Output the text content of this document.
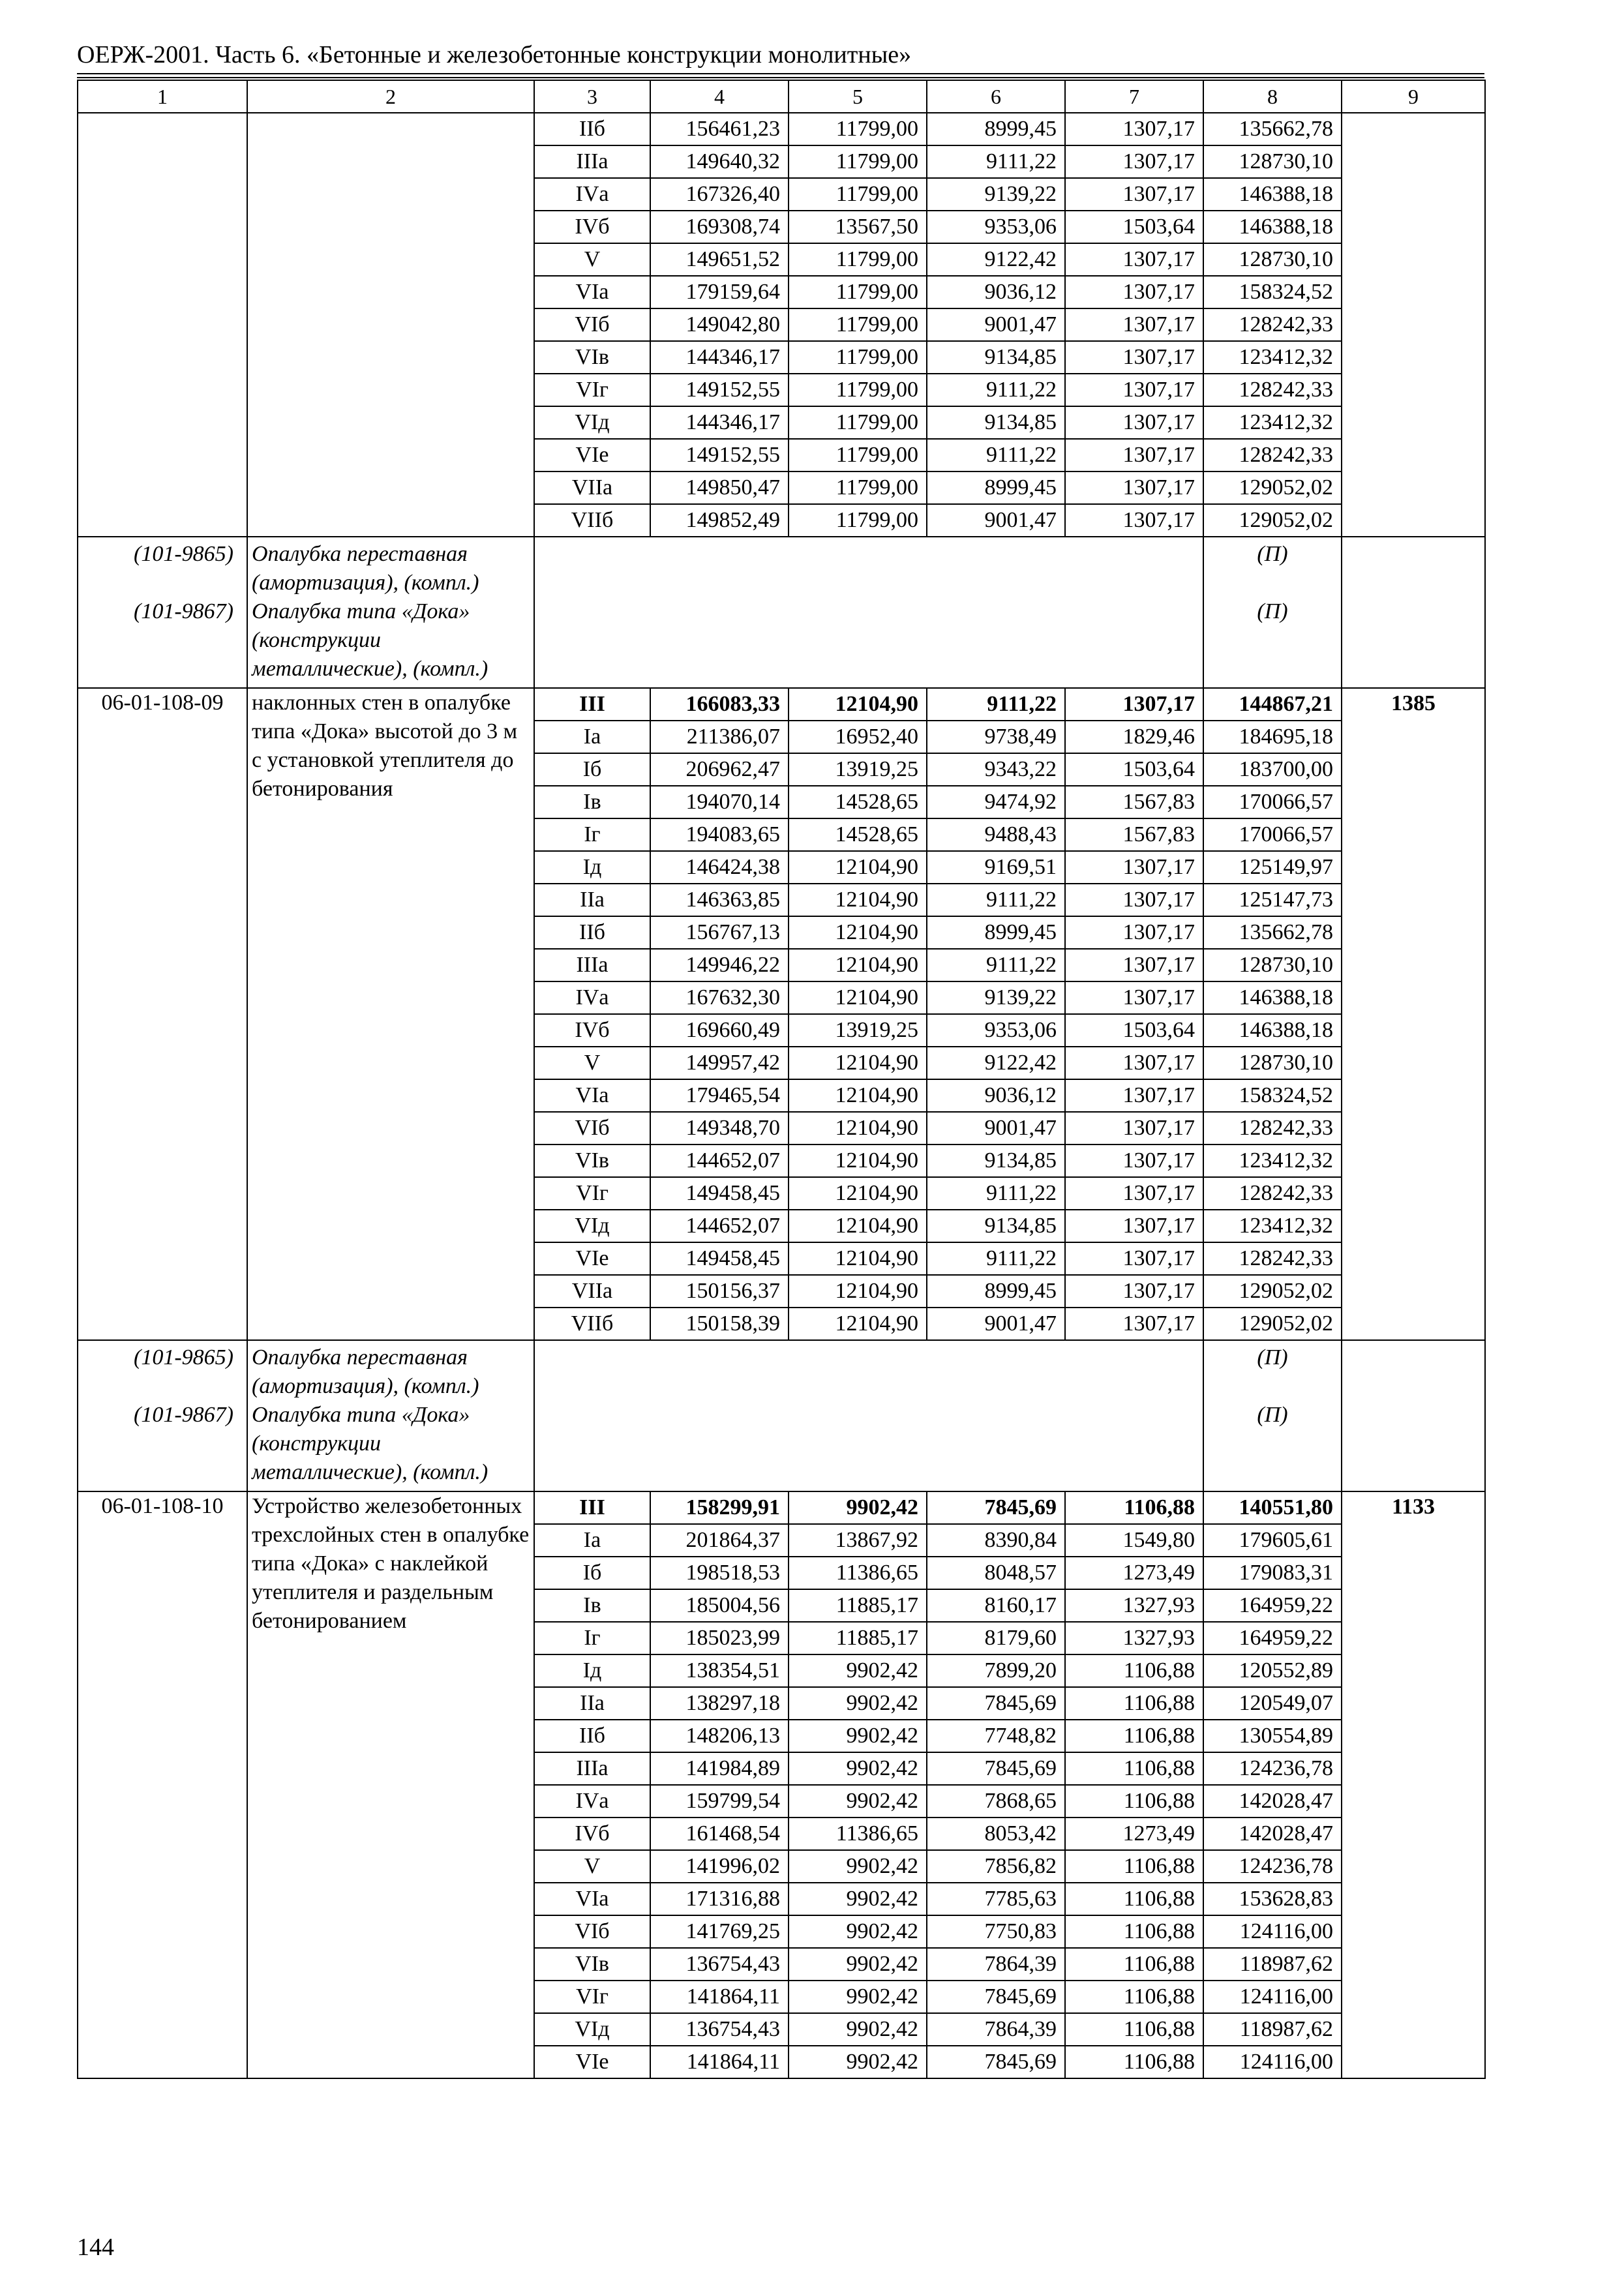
ОЕРЖ-2001. Часть 6. «Бетонные и железобетонные конструкции монолитные»
1	2	3	4	5	6	7	8	9
		IIб	156461,23	11799,00	8999,45	1307,17	135662,78	
		IIIа	149640,32	11799,00	9111,22	1307,17	128730,10	
		IVа	167326,40	11799,00	9139,22	1307,17	146388,18	
		IVб	169308,74	13567,50	9353,06	1503,64	146388,18	
		V	149651,52	11799,00	9122,42	1307,17	128730,10	
		VIа	179159,64	11799,00	9036,12	1307,17	158324,52	
		VIб	149042,80	11799,00	9001,47	1307,17	128242,33	
		VIв	144346,17	11799,00	9134,85	1307,17	123412,32	
		VIг	149152,55	11799,00	9111,22	1307,17	128242,33	
		VIд	144346,17	11799,00	9134,85	1307,17	123412,32	
		VIе	149152,55	11799,00	9111,22	1307,17	128242,33	
		VIIа	149850,47	11799,00	8999,45	1307,17	129052,02	
		VIIб	149852,49	11799,00	9001,47	1307,17	129052,02	
(101-9865)	Опалубка переставная (амортизация), (компл.)						(П)	
(101-9867)	Опалубка типа «Дока» (конструкции металлические), (компл.)						(П)	
06-01-108-09	наклонных стен в опалубке типа «Дока» высотой до 3 м с установкой утеплителя до бетонирования	III	166083,33	12104,90	9111,22	1307,17	144867,21	1385
		Iа	211386,07	16952,40	9738,49	1829,46	184695,18	
		Iб	206962,47	13919,25	9343,22	1503,64	183700,00	
		Iв	194070,14	14528,65	9474,92	1567,83	170066,57	
		Iг	194083,65	14528,65	9488,43	1567,83	170066,57	
		Iд	146424,38	12104,90	9169,51	1307,17	125149,97	
		IIа	146363,85	12104,90	9111,22	1307,17	125147,73	
		IIб	156767,13	12104,90	8999,45	1307,17	135662,78	
		IIIа	149946,22	12104,90	9111,22	1307,17	128730,10	
		IVа	167632,30	12104,90	9139,22	1307,17	146388,18	
		IVб	169660,49	13919,25	9353,06	1503,64	146388,18	
		V	149957,42	12104,90	9122,42	1307,17	128730,10	
		VIа	179465,54	12104,90	9036,12	1307,17	158324,52	
		VIб	149348,70	12104,90	9001,47	1307,17	128242,33	
		VIв	144652,07	12104,90	9134,85	1307,17	123412,32	
		VIг	149458,45	12104,90	9111,22	1307,17	128242,33	
		VIд	144652,07	12104,90	9134,85	1307,17	123412,32	
		VIе	149458,45	12104,90	9111,22	1307,17	128242,33	
		VIIа	150156,37	12104,90	8999,45	1307,17	129052,02	
		VIIб	150158,39	12104,90	9001,47	1307,17	129052,02	
(101-9865)	Опалубка переставная (амортизация), (компл.)						(П)	
(101-9867)	Опалубка типа «Дока» (конструкции металлические), (компл.)						(П)	
06-01-108-10	Устройство железобетонных трехслойных стен в опалубке типа «Дока» с наклейкой утеплителя и раздельным бетонированием	III	158299,91	9902,42	7845,69	1106,88	140551,80	1133
		Iа	201864,37	13867,92	8390,84	1549,80	179605,61	
		Iб	198518,53	11386,65	8048,57	1273,49	179083,31	
		Iв	185004,56	11885,17	8160,17	1327,93	164959,22	
		Iг	185023,99	11885,17	8179,60	1327,93	164959,22	
		Iд	138354,51	9902,42	7899,20	1106,88	120552,89	
		IIа	138297,18	9902,42	7845,69	1106,88	120549,07	
		IIб	148206,13	9902,42	7748,82	1106,88	130554,89	
		IIIа	141984,89	9902,42	7845,69	1106,88	124236,78	
		IVа	159799,54	9902,42	7868,65	1106,88	142028,47	
		IVб	161468,54	11386,65	8053,42	1273,49	142028,47	
		V	141996,02	9902,42	7856,82	1106,88	124236,78	
		VIа	171316,88	9902,42	7785,63	1106,88	153628,83	
		VIб	141769,25	9902,42	7750,83	1106,88	124116,00	
		VIв	136754,43	9902,42	7864,39	1106,88	118987,62	
		VIг	141864,11	9902,42	7845,69	1106,88	124116,00	
		VIд	136754,43	9902,42	7864,39	1106,88	118987,62	
		VIе	141864,11	9902,42	7845,69	1106,88	124116,00	
144
